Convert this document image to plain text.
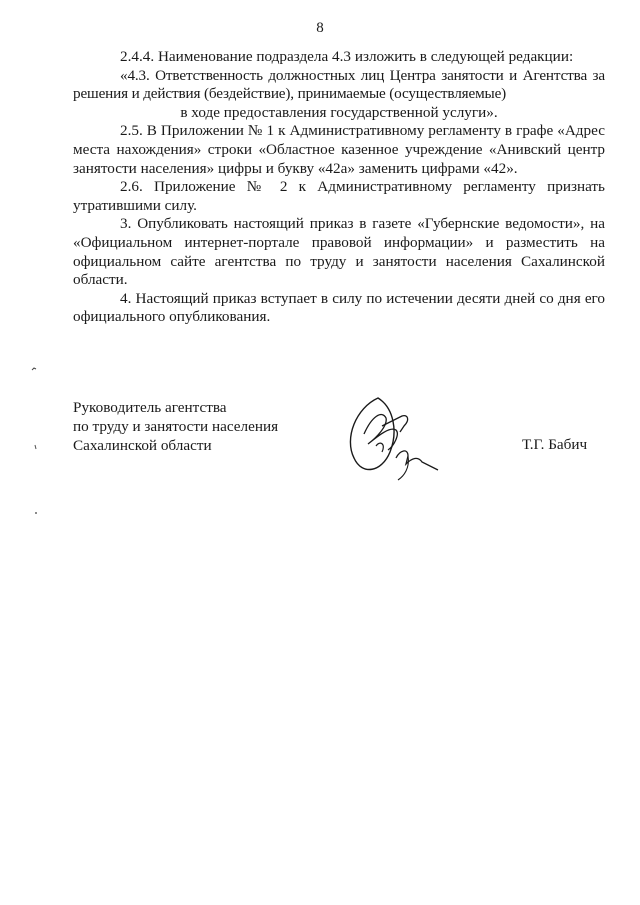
8

2.4.4. Наименование подраздела 4.3 изложить в следующей редакции:

«4.3. Ответственность должностных лиц Центра занятости и Агентства за решения и действия (бездействие), принимаемые (осуществляемые)

в ходе предоставления государственной услуги».

2.5. В Приложении № 1 к Административному регламенту в графе «Адрес места нахождения» строки «Областное казенное учреждение «Анивский центр занятости населения» цифры и букву «42а» заменить цифрами «42».

2.6. Приложение № 2 к Административному регламенту признать утратившими силу.

3. Опубликовать настоящий приказ в газете «Губернские ведомости», на «Официальном интернет-портале правовой информации» и разместить на официальном сайте агентства по труду и занятости населения Сахалинской области.

4. Настоящий приказ вступает в силу по истечении десяти дней со дня его официального опубликования.

Руководитель агентства
по труду и занятости населения
Сахалинской области	Т.Г. Бабич
